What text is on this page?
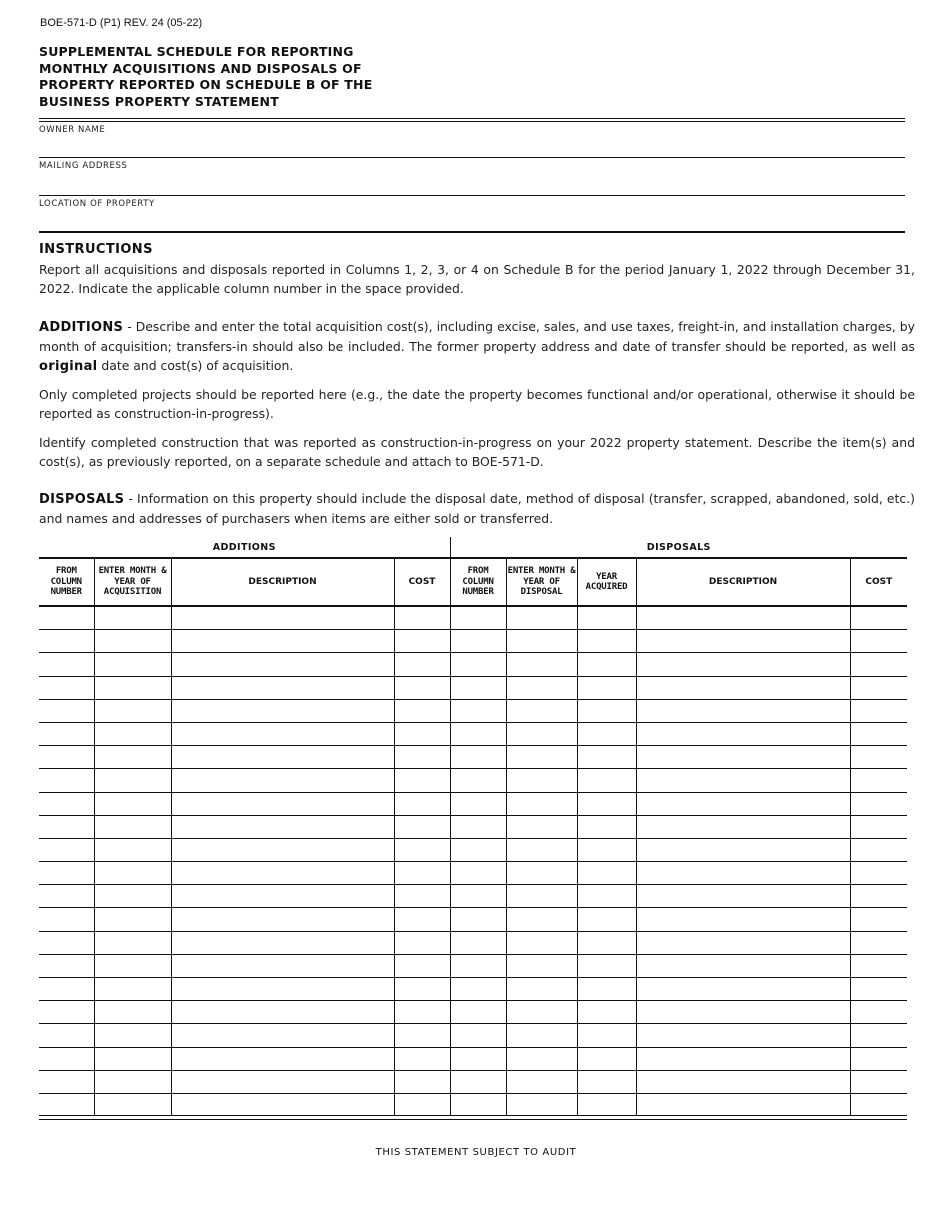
BOE-571-D (P1) REV. 24 (05-22)
SUPPLEMENTAL SCHEDULE FOR REPORTING MONTHLY ACQUISITIONS AND DISPOSALS OF PROPERTY REPORTED ON SCHEDULE B OF THE BUSINESS PROPERTY STATEMENT
OWNER NAME
MAILING ADDRESS
LOCATION OF PROPERTY
INSTRUCTIONS
Report all acquisitions and disposals reported in Columns 1, 2, 3, or 4 on Schedule B for the period January 1, 2022 through December 31, 2022. Indicate the applicable column number in the space provided.
ADDITIONS - Describe and enter the total acquisition cost(s), including excise, sales, and use taxes, freight-in, and installation charges, by month of acquisition; transfers-in should also be included. The former property address and date of transfer should be reported, as well as original date and cost(s) of acquisition.
Only completed projects should be reported here (e.g., the date the property becomes functional and/or operational, otherwise it should be reported as construction-in-progress).
Identify completed construction that was reported as construction-in-progress on your 2022 property statement. Describe the item(s) and cost(s), as previously reported, on a separate schedule and attach to BOE-571-D.
DISPOSALS - Information on this property should include the disposal date, method of disposal (transfer, scrapped, abandoned, sold, etc.) and names and addresses of purchasers when items are either sold or transferred.
ADDITIONS				DISPOSALS				
FROM COLUMN NUMBER	ENTER MONTH & YEAR OF ACQUISITION	DESCRIPTION	COST	FROM COLUMN NUMBER	ENTER MONTH & YEAR OF DISPOSAL	YEAR ACQUIRED	DESCRIPTION	COST

THIS STATEMENT SUBJECT TO AUDIT
